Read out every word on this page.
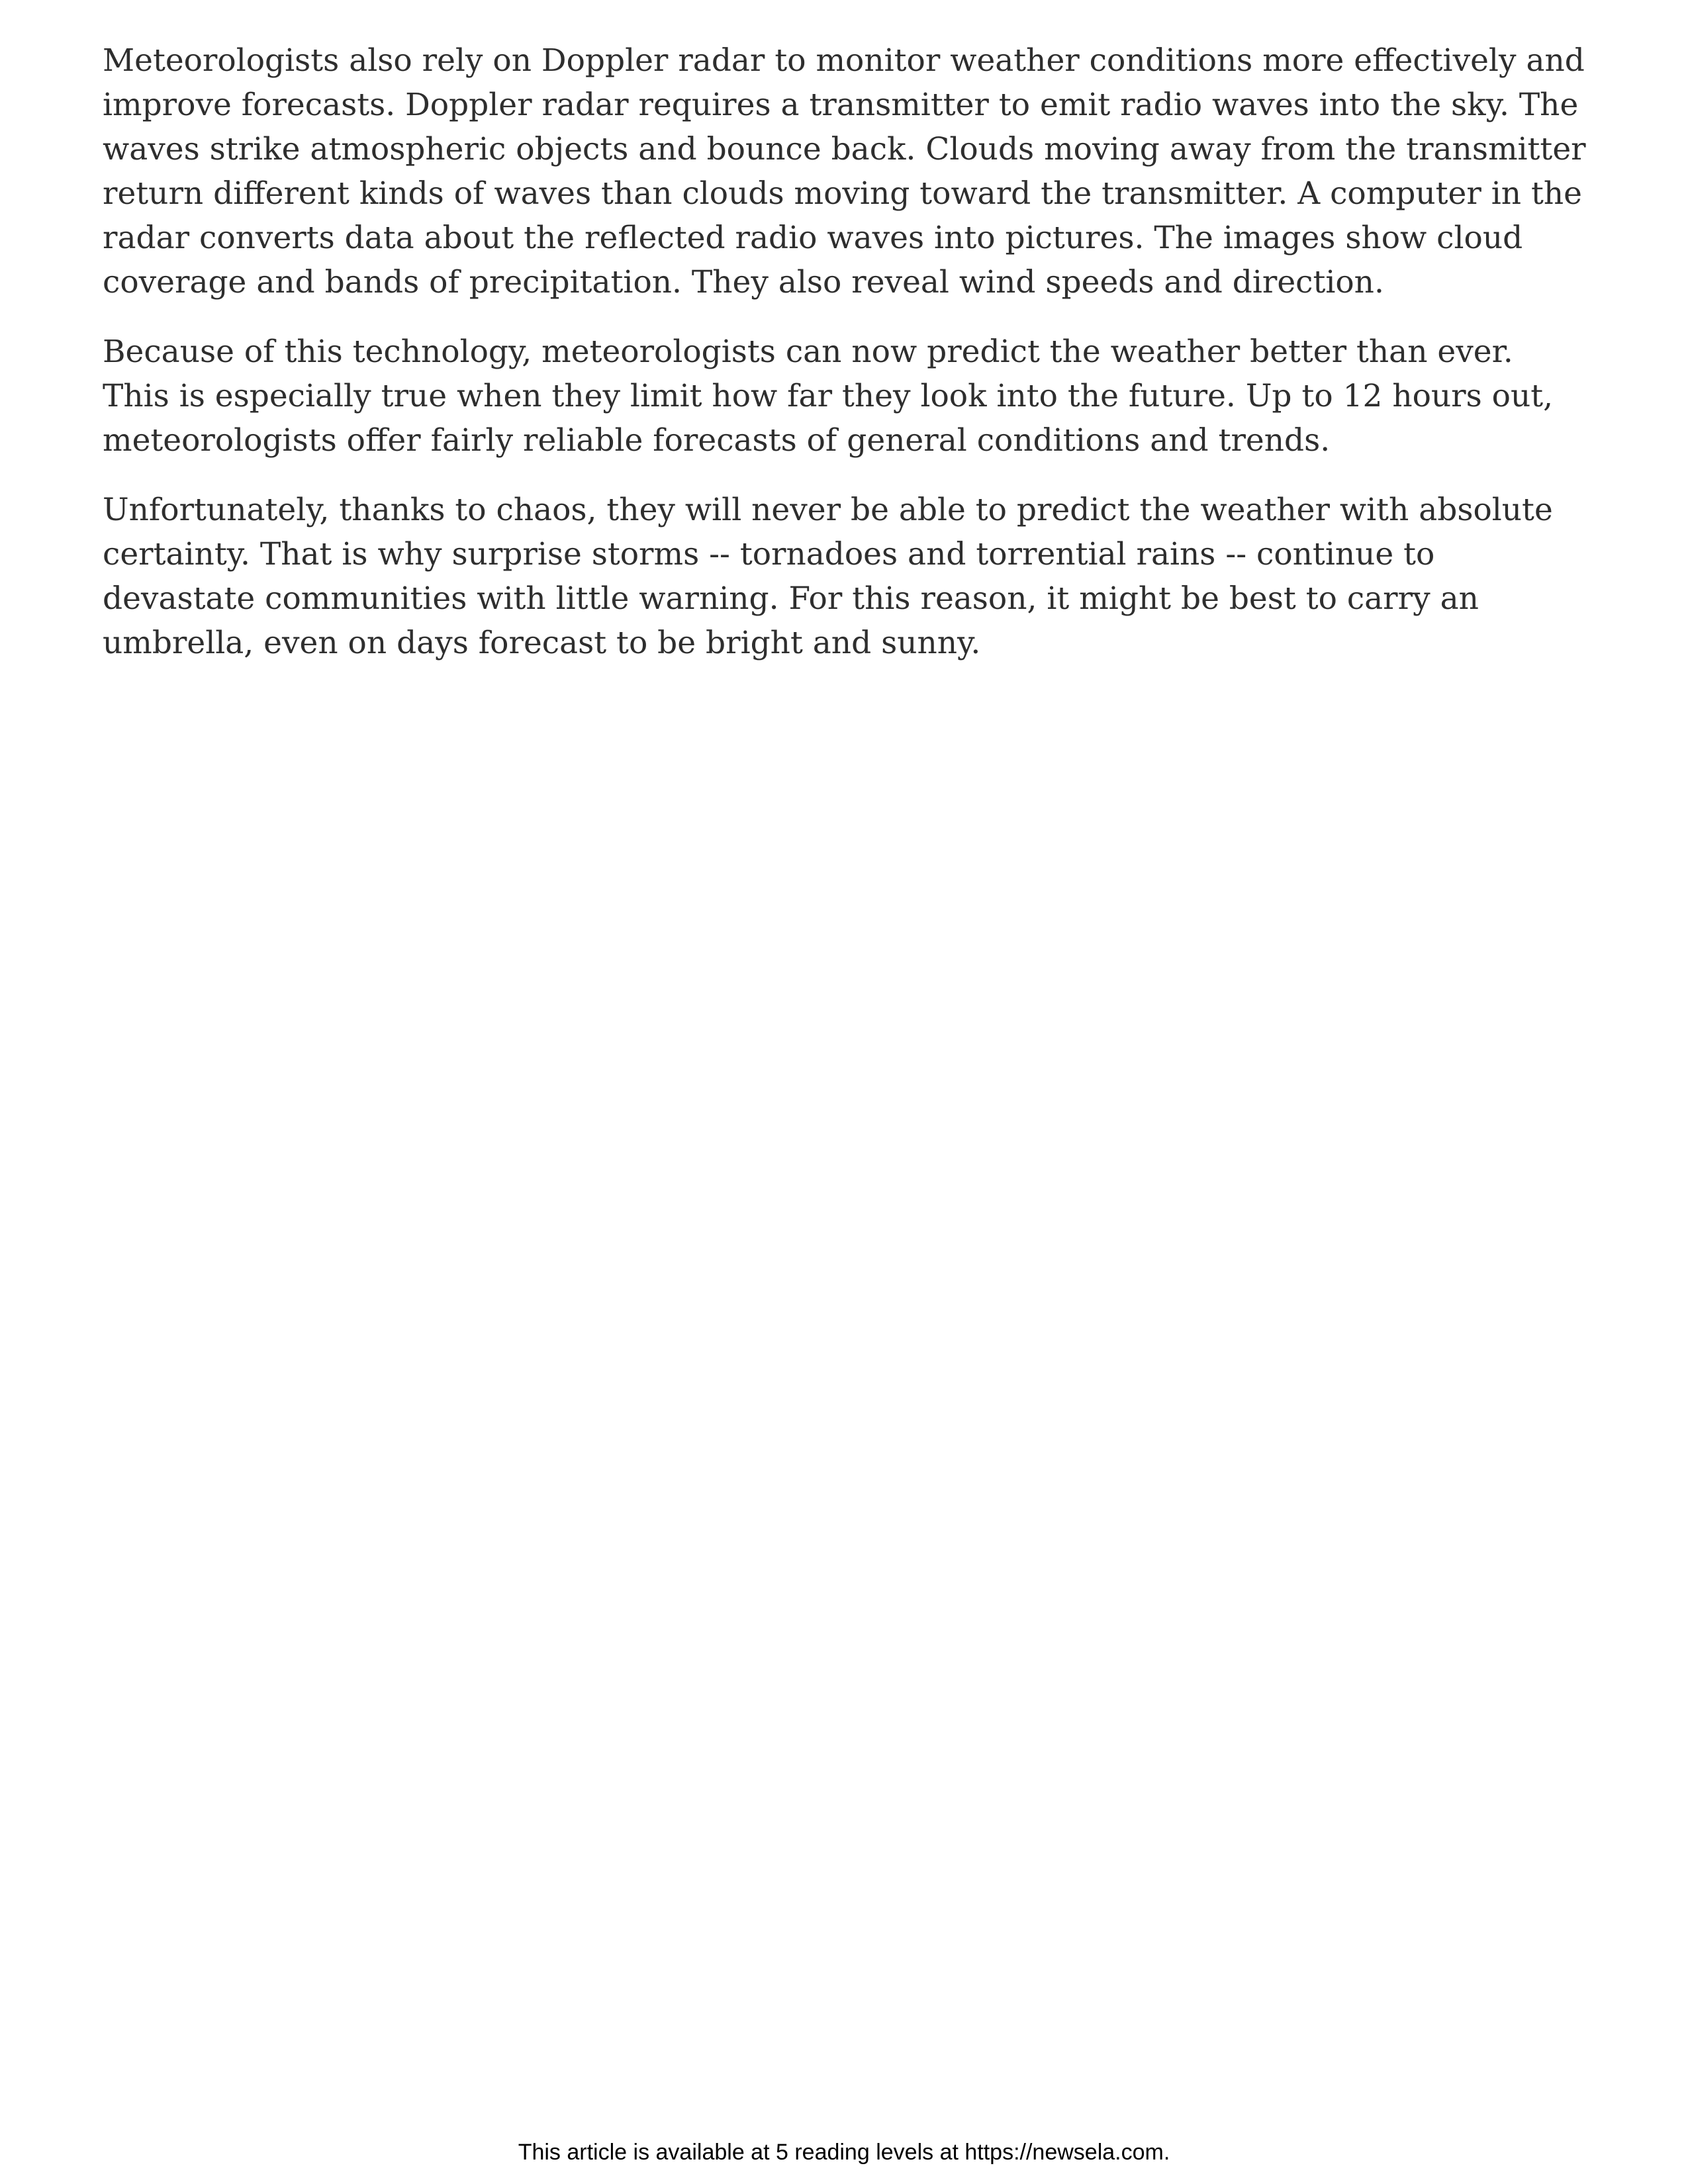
Meteorologists also rely on Doppler radar to monitor weather conditions more effectively and improve forecasts. Doppler radar requires a transmitter to emit radio waves into the sky. The waves strike atmospheric objects and bounce back. Clouds moving away from the transmitter return different kinds of waves than clouds moving toward the transmitter. A computer in the radar converts data about the reflected radio waves into pictures. The images show cloud coverage and bands of precipitation. They also reveal wind speeds and direction.

Because of this technology, meteorologists can now predict the weather better than ever. This is especially true when they limit how far they look into the future. Up to 12 hours out, meteorologists offer fairly reliable forecasts of general conditions and trends.

Unfortunately, thanks to chaos, they will never be able to predict the weather with absolute certainty. That is why surprise storms -- tornadoes and torrential rains -- continue to devastate communities with little warning. For this reason, it might be best to carry an umbrella, even on days forecast to be bright and sunny.

This article is available at 5 reading levels at https://newsela.com.
